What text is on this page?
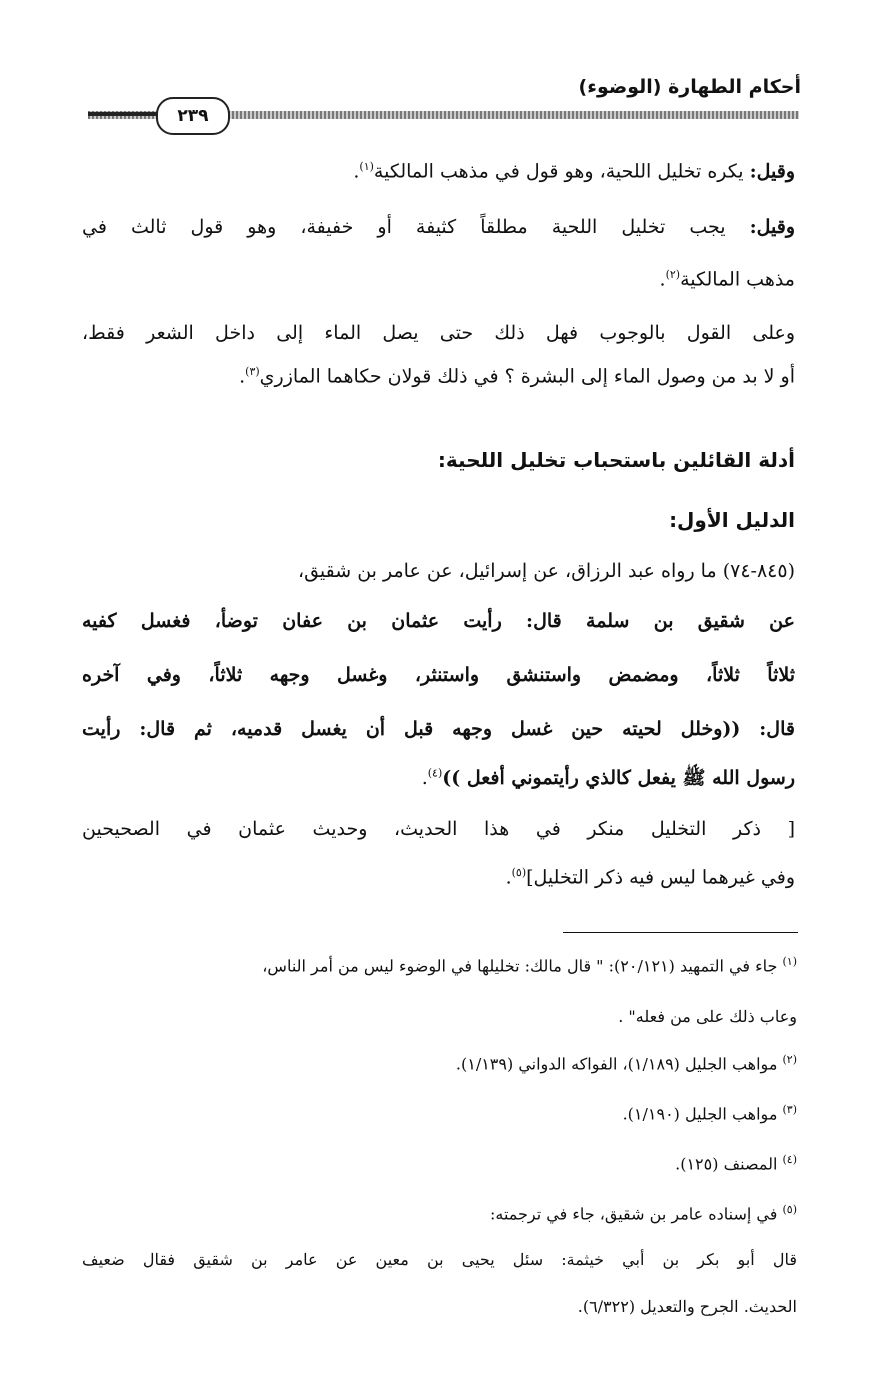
أحكام الطهارة (الوضوء)
٢٣٩
وقيل: يكره تخليل اللحية، وهو قول في مذهب المالكية$^{(١)}$.
وقيل: يجب تخليل اللحية مطلقاً كثيفة أو خفيفة، وهو قول ثالث في
مذهب المالكية$^{(٢)}$.
وعلى القول بالوجوب فهل ذلك حتى يصل الماء إلى داخل الشعر فقط،
أو لا بد من وصول الماء إلى البشرة ؟ في ذلك قولان حكاهما المازري$^{(٣)}$.
أدلة القائلين باستحباب تخليل اللحية:
الدليل الأول:
(٨٤٥-٧٤) ما رواه عبد الرزاق، عن إسرائيل، عن عامر بن شقيق،
عن شقيق بن سلمة قال: رأيت عثمان بن عفان توضأ، فغسل كفيه
ثلاثاً ثلاثاً، ومضمض واستنشق واستنثر، وغسل وجهه ثلاثاً، وفي آخره
قال: ((وخلل لحيته حين غسل وجهه قبل أن يغسل قدميه، ثم قال: رأيت
رسول الله ﷺ يفعل كالذي رأيتموني أفعل ))$^{(٤)}$.
[ ذكر التخليل منكر في هذا الحديث، وحديث عثمان في الصحيحين
وفي غيرهما ليس فيه ذكر التخليل]$^{(٥)}$.
$^{(١)}$ جاء في التمهيد (٢٠/١٢١): " قال مالك: تخليلها في الوضوء ليس من أمر الناس،
وعاب ذلك على من فعله" .
$^{(٢)}$ مواهب الجليل (١/١٨٩)، الفواكه الدواني (١/١٣٩).
$^{(٣)}$ مواهب الجليل (١/١٩٠).
$^{(٤)}$ المصنف (١٢٥).
$^{(٥)}$ في إسناده عامر بن شقيق، جاء في ترجمته:
قال أبو بكر بن أبي خيثمة: سئل يحيى بن معين عن عامر بن شقيق فقال ضعيف
الحديث. الجرح والتعديل (٦/٣٢٢).
